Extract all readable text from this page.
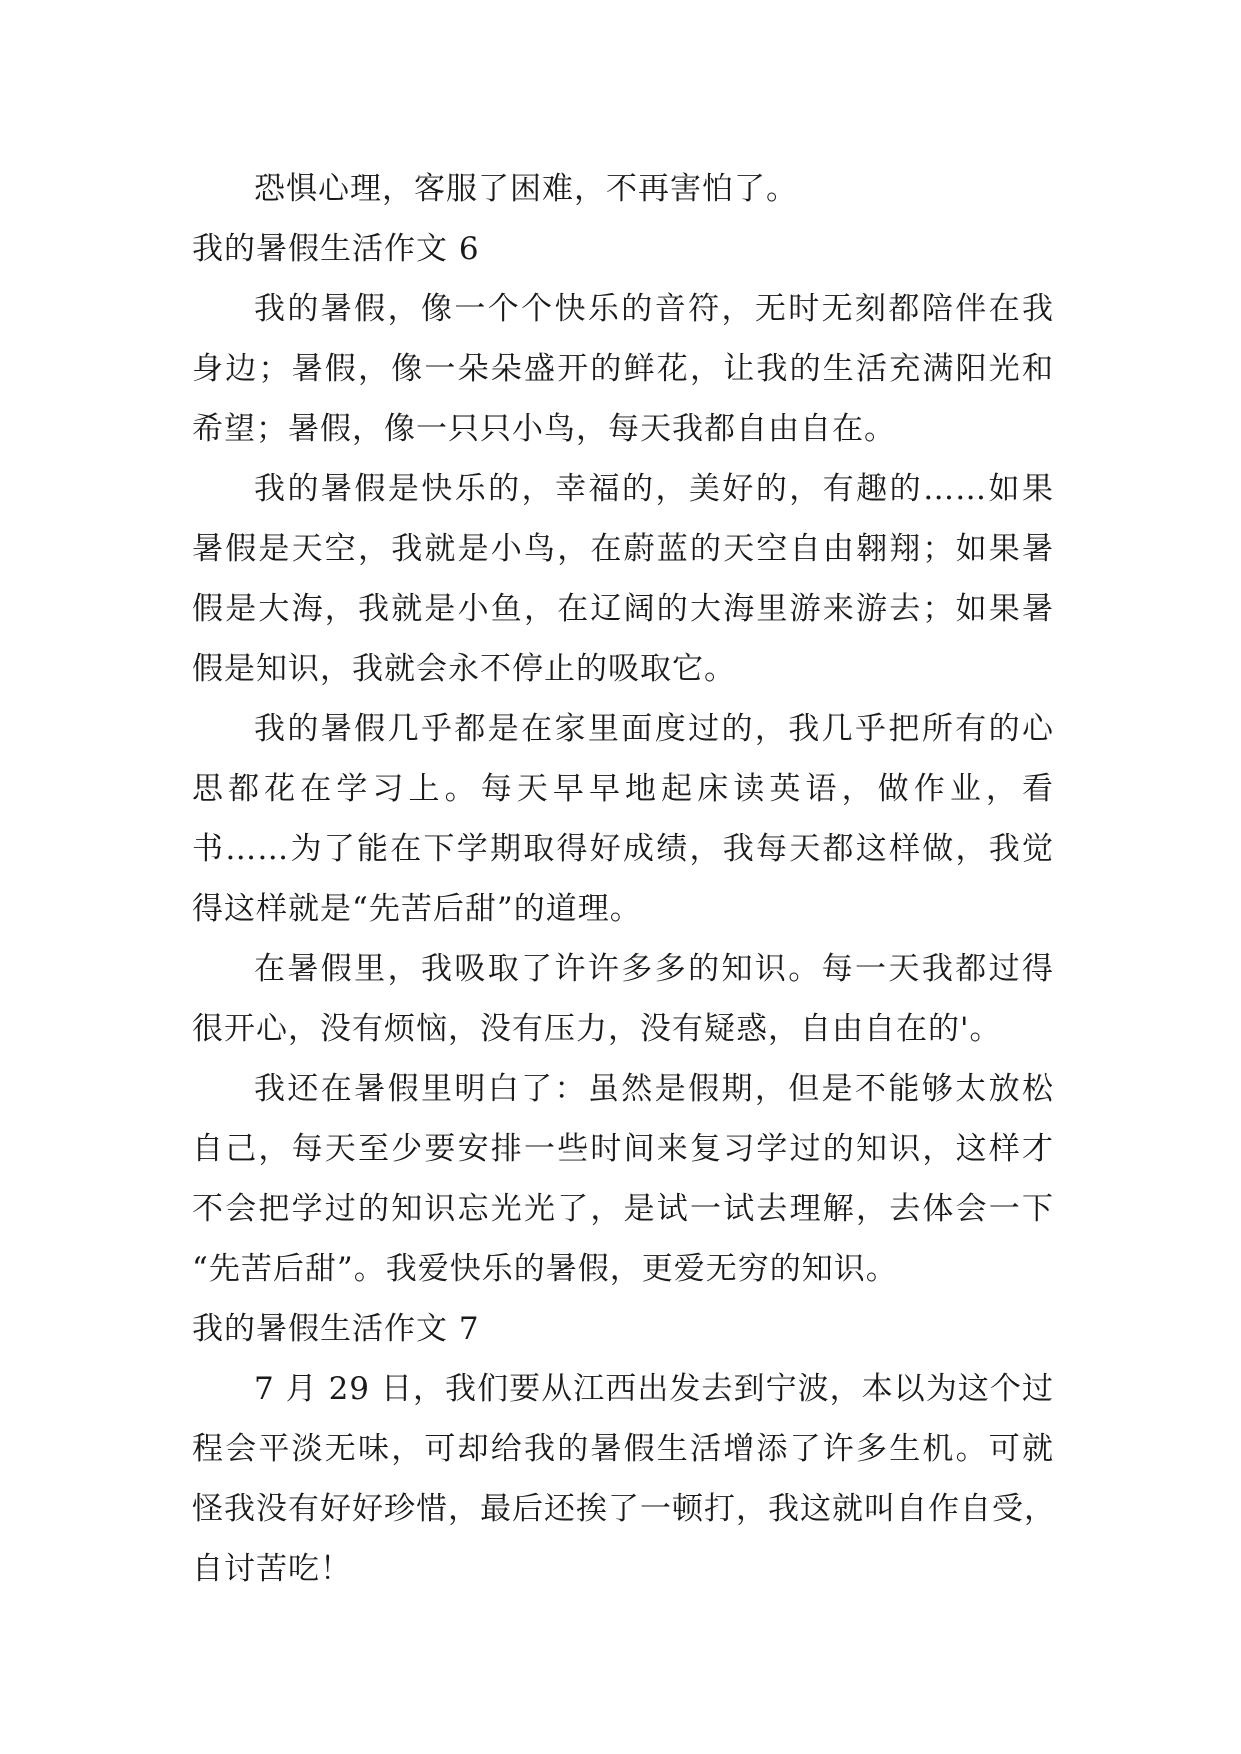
恐惧心理，客服了困难，不再害怕了。
我的暑假生活作文 6
我的暑假，像一个个快乐的音符，无时无刻都陪伴在我
身边；暑假，像一朵朵盛开的鲜花，让我的生活充满阳光和
希望；暑假，像一只只小鸟，每天我都自由自在。
我的暑假是快乐的，幸福的，美好的，有趣的……如果
暑假是天空，我就是小鸟，在蔚蓝的天空自由翱翔；如果暑
假是大海，我就是小鱼，在辽阔的大海里游来游去；如果暑
假是知识，我就会永不停止的吸取它。
我的暑假几乎都是在家里面度过的，我几乎把所有的心
思都花在学习上。每天早早地起床读英语，做作业，看
书……为了能在下学期取得好成绩，我每天都这样做，我觉
得这样就是“先苦后甜”的道理。
在暑假里，我吸取了许许多多的知识。每一天我都过得
很开心，没有烦恼，没有压力，没有疑惑，自由自在的'。
我还在暑假里明白了：虽然是假期，但是不能够太放松
自己，每天至少要安排一些时间来复习学过的知识，这样才
不会把学过的知识忘光光了，是试一试去理解，去体会一下
“先苦后甜”。我爱快乐的暑假，更爱无穷的知识。
我的暑假生活作文 7
7 月 29 日，我们要从江西出发去到宁波，本以为这个过
程会平淡无味，可却给我的暑假生活增添了许多生机。可就
怪我没有好好珍惜，最后还挨了一顿打，我这就叫自作自受，
自讨苦吃！
